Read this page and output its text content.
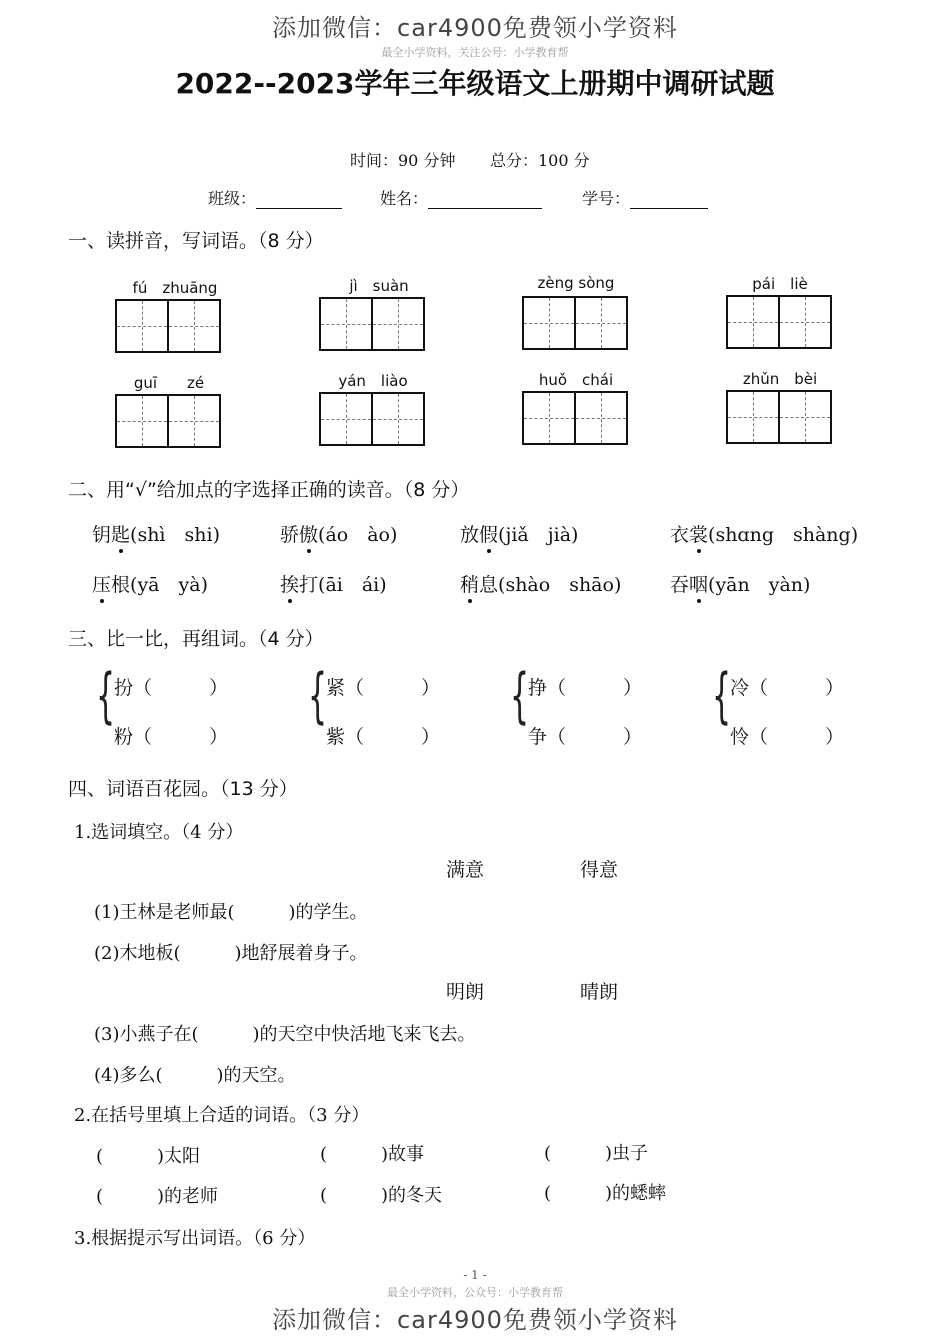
添加微信：car4900免费领小学资料
最全小学资料，关注公号：小学教育帮
2022--2023学年三年级语文上册期中调研试题
时间：90 分钟 总分：100 分
班级：	姓名：	学号：
一、读拼音，写词语。（8 分）
fú　zhuāng	jì　suàn	zèng sòng	pái　liè
guī　　zé	yán　liào	huǒ　chái	zhǔn　bèi
二、用“√”给加点的字选择正确的读音。（8 分）
钥匙(shì　shi)	骄傲(áo　ào)	放假(jiǎ　jià)	衣裳(shɑng　shàng)
压根(yā　yà)	挨打(āi　ái)	稍息(shào　shāo)	吞咽(yān　yàn)
三、比一比，再组词。（4 分）
{
扮（　　　）
粉（　　　）
{
紧（　　　）
紫（　　　）
{
挣（　　　）
争（　　　）
{
冷（　　　）
怜（　　　）
四、词语百花园。（13 分）
1.选词填空。（4 分）
满意	得意
(1)王林是老师最(　　　)的学生。
(2)木地板(　　　)地舒展着身子。
明朗	晴朗
(3)小燕子在(　　　)的天空中快活地飞来飞去。
(4)多么(　　　)的天空。
2.在括号里填上合适的词语。（3 分）
(　　　)太阳	(　　　)故事	(　　　)虫子
(　　　)的老师	(　　　)的冬天	(　　　)的蟋蟀
3.根据提示写出词语。（6 分）
- 1 -
最全小学资料，公众号：小学教育帮
添加微信：car4900免费领小学资料
